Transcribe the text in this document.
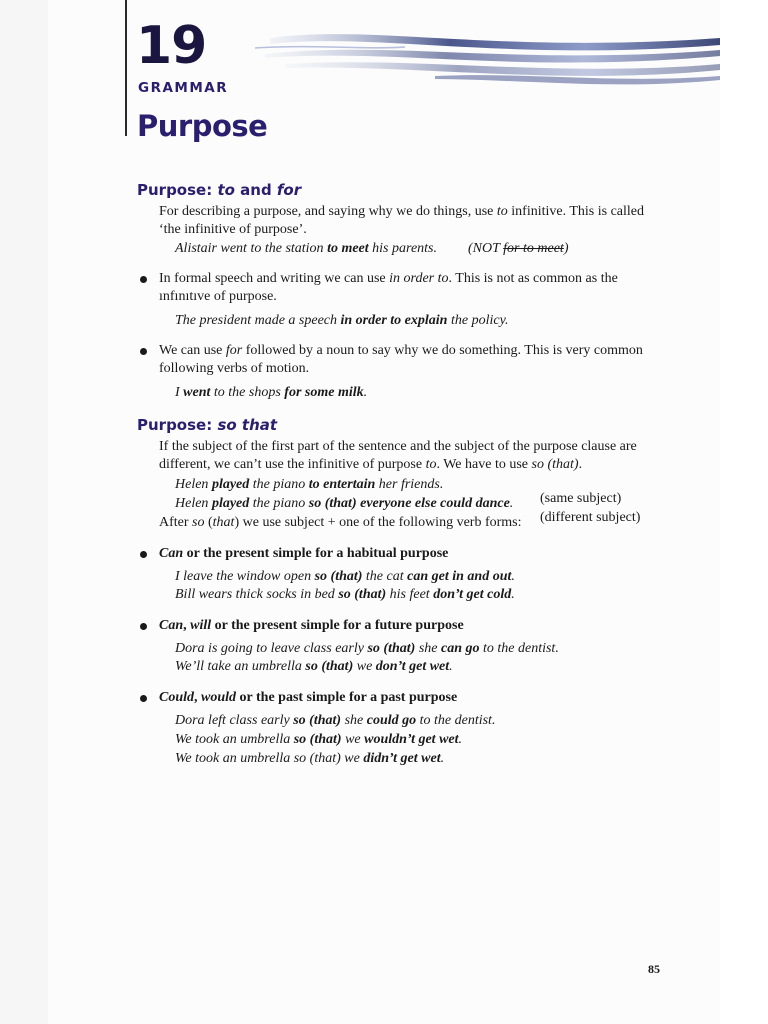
19
GRAMMAR
Purpose
Purpose: to and for

For describing a purpose, and saying why we do things, use to infinitive. This is called

‘the infinitive of purpose’.

Alistair went to the station to meet his parents. (NOT for to meet)

In formal speech and writing we can use in order to. This is not as common as the

ınfınıtıve of purpose.

The president made a speech in order to explain the policy.

We can use for followed by a noun to say why we do something. This is very common

following verbs of motion.

I went to the shops for some milk.

Purpose: so that

If the subject of the first part of the sentence and the subject of the purpose clause are

different, we can’t use the infinitive of purpose to. We have to use so (that).

Helen played the piano to entertain her friends.

(same subject)

Helen played the piano so (that) everyone else could dance.

(different subject)

After so (that) we use subject + one of the following verb forms:

Can or the present simple for a habitual purpose

I leave the window open so (that) the cat can get in and out.

Bill wears thick socks in bed so (that) his feet don’t get cold.

Can, will or the present simple for a future purpose

Dora is going to leave class early so (that) she can go to the dentist.

We’ll take an umbrella so (that) we don’t get wet.

Could, would or the past simple for a past purpose

Dora left class early so (that) she could go to the dentist.

We took an umbrella so (that) we wouldn’t get wet.

We took an umbrella so (that) we didn’t get wet.

85
